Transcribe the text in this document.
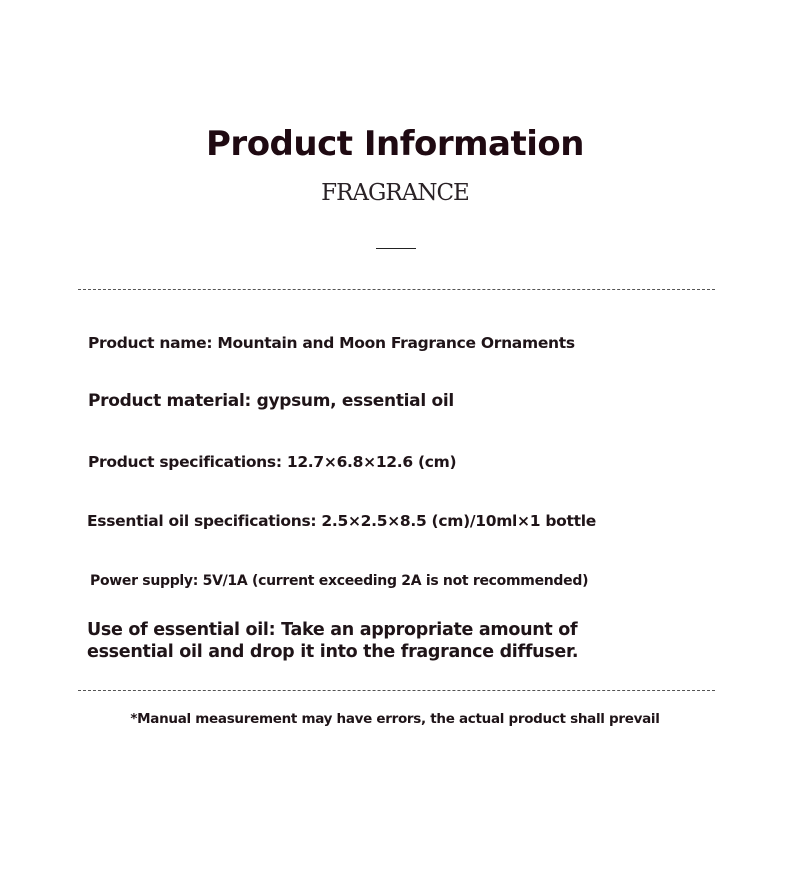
Product Information
FRAGRANCE

Product name: Mountain and Moon Fragrance Ornaments

Product material: gypsum, essential oil

Product specifications: 12.7×6.8×12.6 (cm)

Essential oil specifications: 2.5×2.5×8.5 (cm)/10ml×1 bottle

Power supply: 5V/1A (current exceeding 2A is not recommended)

Use of essential oil: Take an appropriate amount of essential oil and drop it into the fragrance diffuser.

*Manual measurement may have errors, the actual product shall prevail
